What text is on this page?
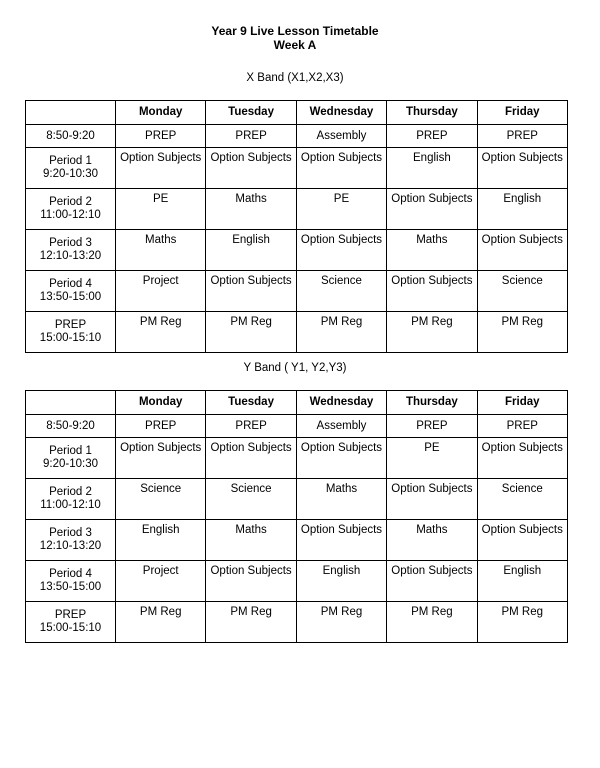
Year 9 Live Lesson Timetable
Week A
X Band (X1,X2,X3)
	Monday	Tuesday	Wednesday	Thursday	Friday
8:50-9:20	PREP	PREP	Assembly	PREP	PREP
Period 1
9:20-10:30	Option Subjects	Option Subjects	Option Subjects	English	Option Subjects
Period 2
11:00-12:10	PE	Maths	PE	Option Subjects	English
Period 3
12:10-13:20	Maths	English	Option Subjects	Maths	Option Subjects
Period 4
13:50-15:00	Project	Option Subjects	Science	Option Subjects	Science
PREP
15:00-15:10	PM Reg	PM Reg	PM Reg	PM Reg	PM Reg
Y Band ( Y1, Y2,Y3)
	Monday	Tuesday	Wednesday	Thursday	Friday
8:50-9:20	PREP	PREP	Assembly	PREP	PREP
Period 1
9:20-10:30	Option Subjects	Option Subjects	Option Subjects	PE	Option Subjects
Period 2
11:00-12:10	Science	Science	Maths	Option Subjects	Science
Period 3
12:10-13:20	English	Maths	Option Subjects	Maths	Option Subjects
Period 4
13:50-15:00	Project	Option Subjects	English	Option Subjects	English
PREP
15:00-15:10	PM Reg	PM Reg	PM Reg	PM Reg	PM Reg
